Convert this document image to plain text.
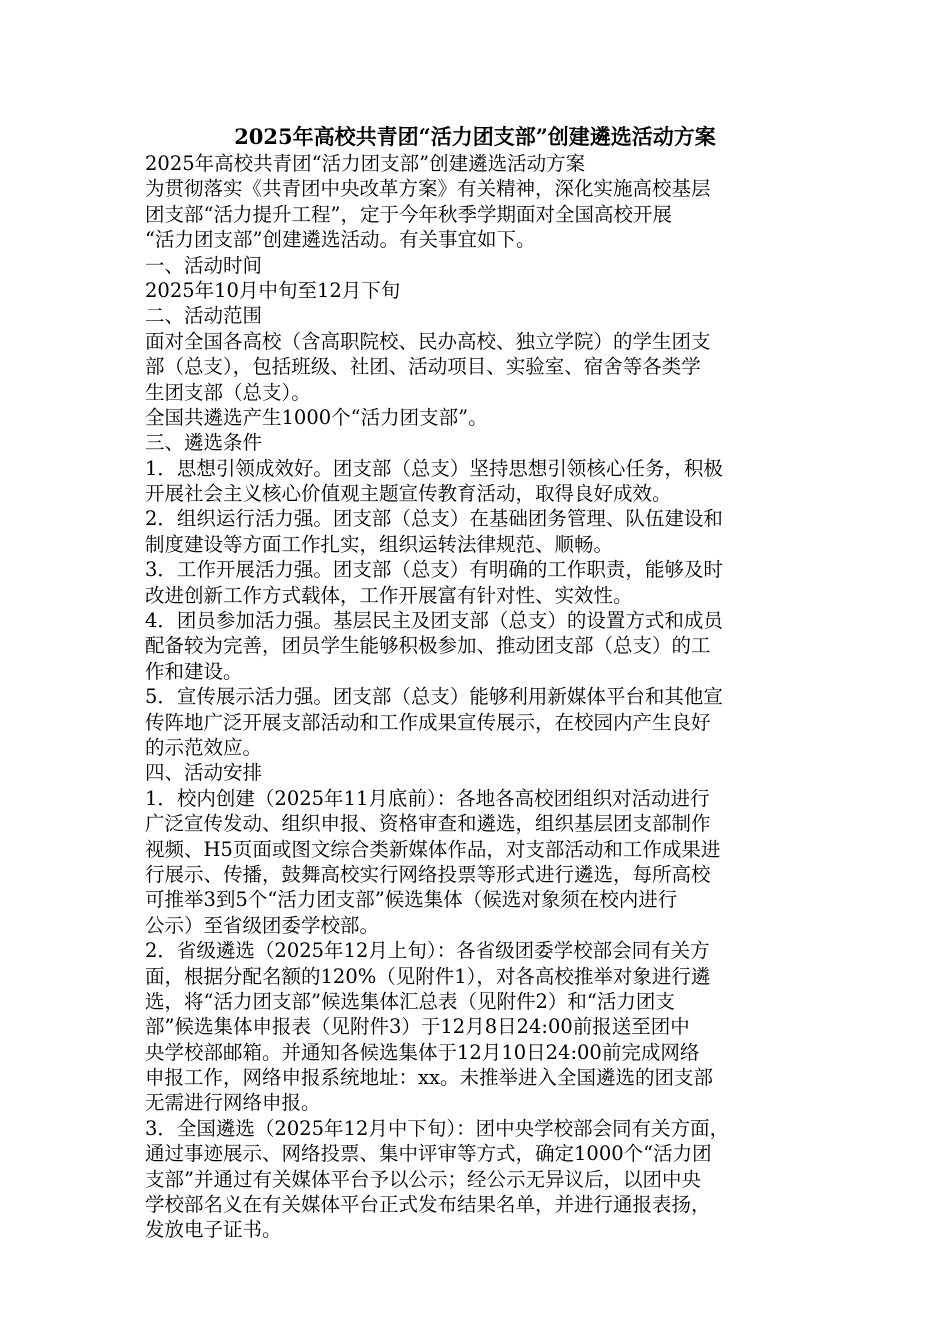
2025年高校共青团“活力团支部”创建遴选活动方案
2025年高校共青团“活力团支部”创建遴选活动方案
为贯彻落实《共青团中央改革方案》有关精神，深化实施高校基层
团支部“活力提升工程”，定于今年秋季学期面对全国高校开展
“活力团支部”创建遴选活动。有关事宜如下。
一、活动时间
2025年10月中旬至12月下旬
二、活动范围
面对全国各高校（含高职院校、民办高校、独立学院）的学生团支
部（总支），包括班级、社团、活动项目、实验室、宿舍等各类学
生团支部（总支）。
全国共遴选产生1000个“活力团支部”。
三、遴选条件
1．思想引领成效好。团支部（总支）坚持思想引领核心任务，积极
开展社会主义核心价值观主题宣传教育活动，取得良好成效。
2．组织运行活力强。团支部（总支）在基础团务管理、队伍建设和
制度建设等方面工作扎实，组织运转法律规范、顺畅。
3．工作开展活力强。团支部（总支）有明确的工作职责，能够及时
改进创新工作方式载体，工作开展富有针对性、实效性。
4．团员参加活力强。基层民主及团支部（总支）的设置方式和成员
配备较为完善，团员学生能够积极参加、推动团支部（总支）的工
作和建设。
5．宣传展示活力强。团支部（总支）能够利用新媒体平台和其他宣
传阵地广泛开展支部活动和工作成果宣传展示，在校园内产生良好
的示范效应。
四、活动安排
1．校内创建（2025年11月底前）：各地各高校团组织对活动进行
广泛宣传发动、组织申报、资格审查和遴选，组织基层团支部制作
视频、H5页面或图文综合类新媒体作品，对支部活动和工作成果进
行展示、传播，鼓舞高校实行网络投票等形式进行遴选，每所高校
可推举3到5个“活力团支部”候选集体（候选对象须在校内进行
公示）至省级团委学校部。
2．省级遴选（2025年12月上旬）：各省级团委学校部会同有关方
面，根据分配名额的120%（见附件1），对各高校推举对象进行遴
选，将“活力团支部”候选集体汇总表（见附件2）和“活力团支
部”候选集体申报表（见附件3）于12月8日24:00前报送至团中
央学校部邮箱。并通知各候选集体于12月10日24:00前完成网络
申报工作，网络申报系统地址：xx。未推举进入全国遴选的团支部
无需进行网络申报。
3．全国遴选（2025年12月中下旬）：团中央学校部会同有关方面，
通过事迹展示、网络投票、集中评审等方式，确定1000个“活力团
支部”并通过有关媒体平台予以公示；经公示无异议后，以团中央
学校部名义在有关媒体平台正式发布结果名单，并进行通报表扬，
发放电子证书。
